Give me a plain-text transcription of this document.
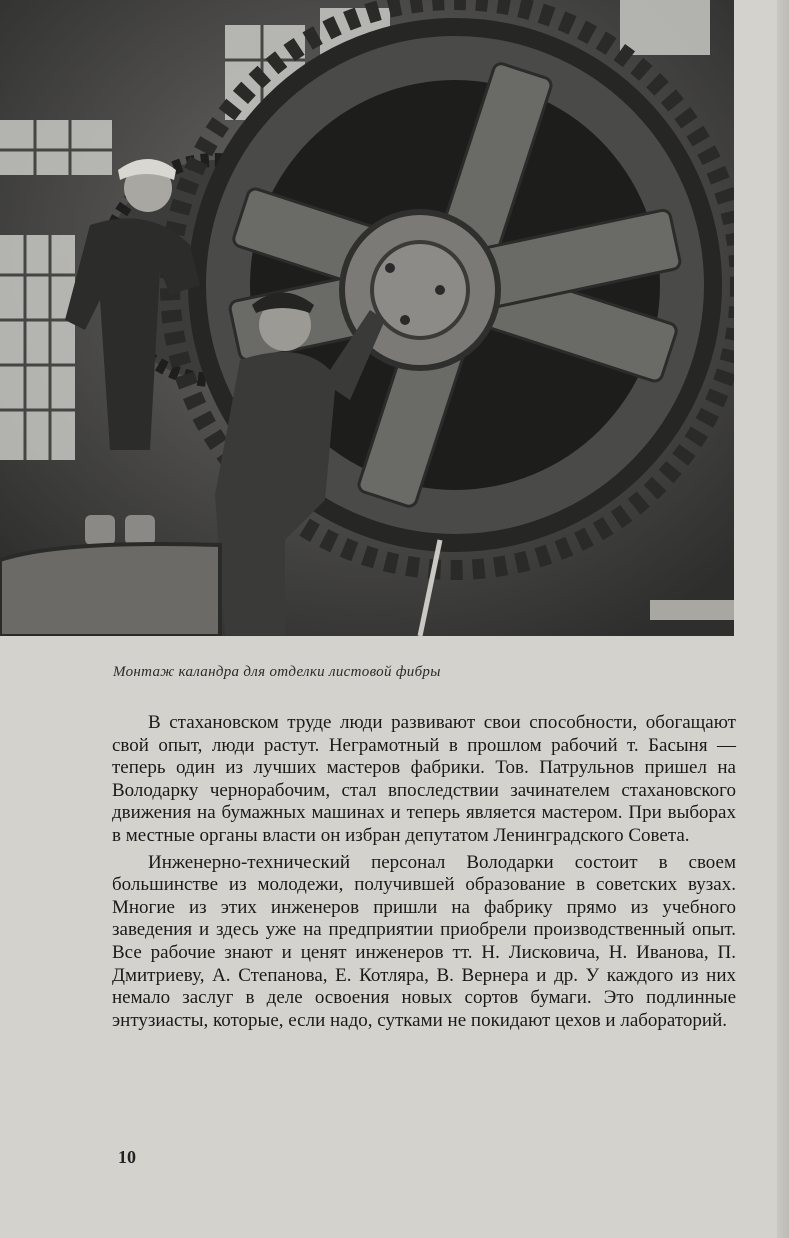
Монтаж каландра для отделки листовой фибры

В стахановском труде люди развивают свои способности, обогащают свой опыт, люди растут. Неграмотный в прошлом рабочий т. Басыня — теперь один из лучших мастеров фабрики. Тов. Патрульнов пришел на Володарку чернорабочим, стал впоследствии зачинателем стахановского движения на бумажных машинах и теперь является мастером. При выборах в местные органы власти он избран депутатом Ленинградского Совета.

Инженерно-технический персонал Володарки состоит в своем большинстве из молодежи, получившей образование в советских вузах. Многие из этих инженеров пришли на фабрику прямо из учебного заведения и здесь уже на предприятии приобрели производственный опыт. Все рабочие знают и ценят инженеров тт. Н. Лисковича, Н. Иванова, П. Дмитриеву, А. Степанова, Е. Котляра, В. Вернера и др. У каждого из них немало заслуг в деле освоения новых сортов бумаги. Это подлинные энтузиасты, которые, если надо, сутками не покидают цехов и лабораторий.

10
